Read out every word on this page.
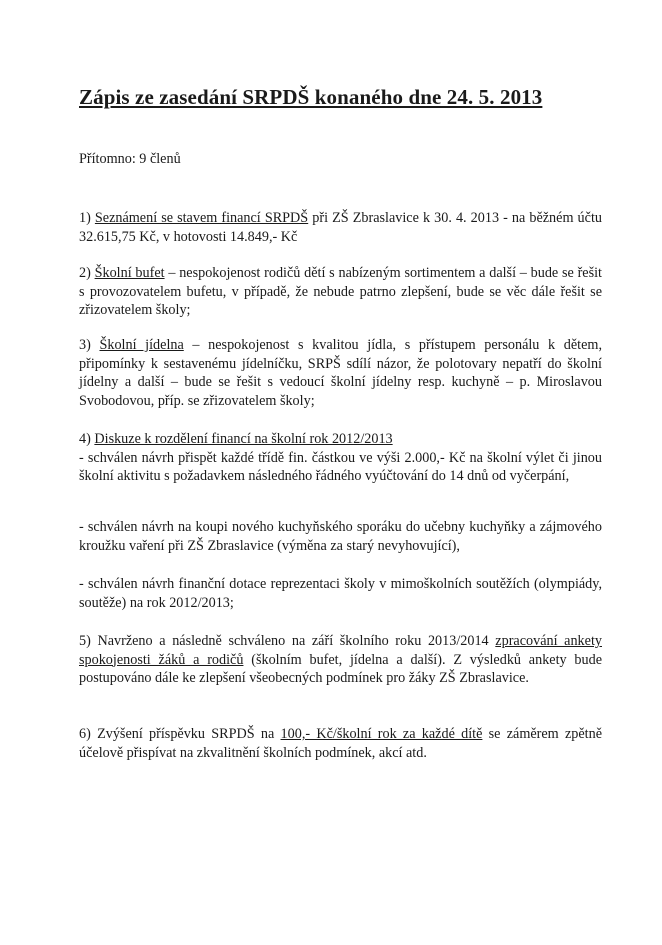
Zápis ze zasedání SRPDŠ konaného dne 24. 5. 2013

Přítomno: 9 členů

1) Seznámení se stavem financí SRPDŠ při ZŠ Zbraslavice k 30. 4. 2013 - na běžném účtu 32.615,75 Kč, v hotovosti 14.849,- Kč

2) Školní bufet – nespokojenost rodičů dětí s nabízeným sortimentem a další – bude se řešit s provozovatelem bufetu, v případě, že nebude patrno zlepšení, bude se věc dále řešit se zřizovatelem školy;

3) Školní jídelna – nespokojenost s kvalitou jídla, s přístupem personálu k dětem, připomínky k sestavenému jídelníčku, SRPŠ sdílí názor, že polotovary nepatří do školní jídelny a další – bude se řešit s vedoucí školní jídelny resp. kuchyně – p. Miroslavou Svobodovou, příp. se zřizovatelem školy;

4) Diskuze k rozdělení financí na školní rok 2012/2013
- schválen návrh přispět každé třídě fin. částkou ve výši 2.000,- Kč na školní výlet či jinou školní aktivitu s požadavkem následného řádného vyúčtování do 14 dnů od vyčerpání,

- schválen návrh na koupi nového kuchyňského sporáku do učebny kuchyňky a zájmového kroužku vaření při ZŠ Zbraslavice (výměna za starý nevyhovující),

- schválen návrh finanční dotace reprezentaci školy v mimoškolních soutěžích (olympiády, soutěže) na rok 2012/2013;

5) Navrženo a následně schváleno na září školního roku 2013/2014 zpracování ankety spokojenosti žáků a rodičů (školním bufet, jídelna a další). Z výsledků ankety bude postupováno dále ke zlepšení všeobecných podmínek pro žáky ZŠ Zbraslavice.

6) Zvýšení příspěvku SRPDŠ na 100,- Kč/školní rok za každé dítě se záměrem zpětně účelově přispívat na zkvalitnění školních podmínek, akcí atd.
